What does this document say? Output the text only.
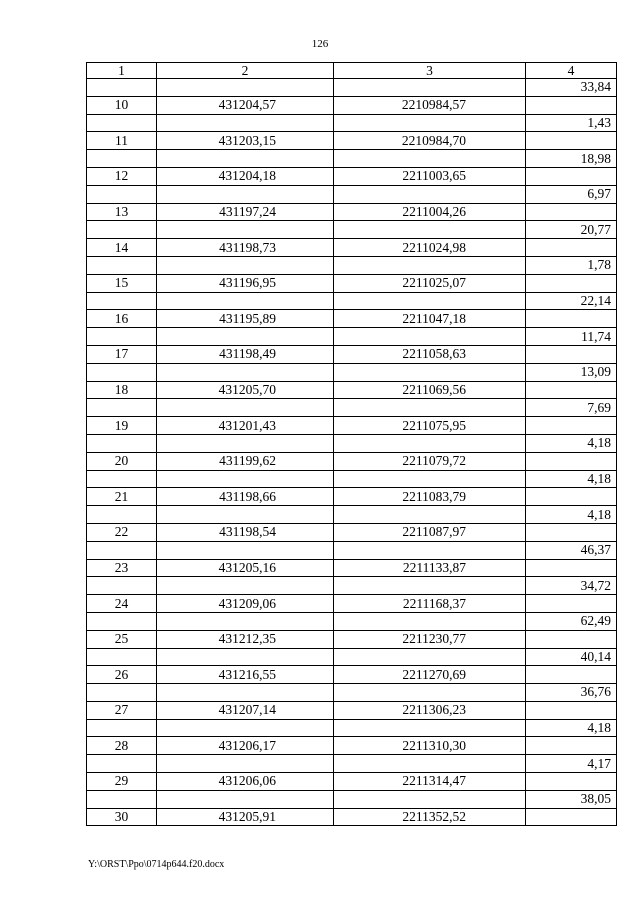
126
1	2	3	4
			33,84
10	431204,57	2210984,57	
			1,43
11	431203,15	2210984,70	
			18,98
12	431204,18	2211003,65	
			6,97
13	431197,24	2211004,26	
			20,77
14	431198,73	2211024,98	
			1,78
15	431196,95	2211025,07	
			22,14
16	431195,89	2211047,18	
			11,74
17	431198,49	2211058,63	
			13,09
18	431205,70	2211069,56	
			7,69
19	431201,43	2211075,95	
			4,18
20	431199,62	2211079,72	
			4,18
21	431198,66	2211083,79	
			4,18
22	431198,54	2211087,97	
			46,37
23	431205,16	2211133,87	
			34,72
24	431209,06	2211168,37	
			62,49
25	431212,35	2211230,77	
			40,14
26	431216,55	2211270,69	
			36,76
27	431207,14	2211306,23	
			4,18
28	431206,17	2211310,30	
			4,17
29	431206,06	2211314,47	
			38,05
30	431205,91	2211352,52	
Y:\ORST\Ppo\0714p644.f20.docx
